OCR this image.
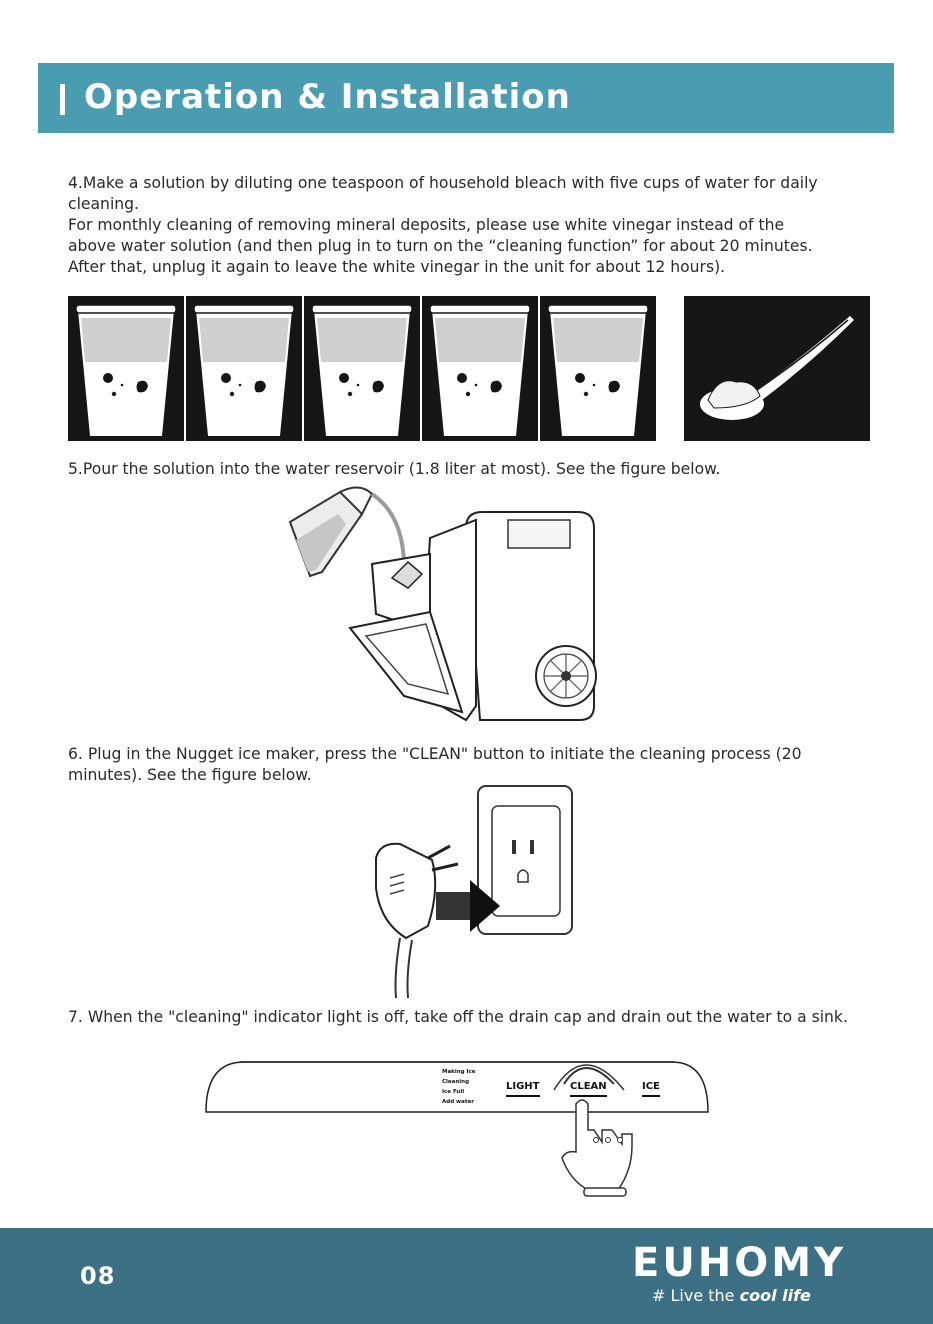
Operation & Installation

4.Make a solution by diluting one teaspoon of household bleach with five cups of water for daily

cleaning.

For monthly cleaning of removing mineral deposits, please use white vinegar instead of the

above water solution (and then plug in to turn on the “cleaning function” for about 20 minutes.

After that, unplug it again to leave the white vinegar in the unit for about 12 hours).

5.Pour the solution into the water reservoir (1.8 liter at most). See the figure below.

6. Plug in the Nugget ice maker, press the "CLEAN" button to initiate the cleaning process (20

minutes). See the figure below.

7. When the "cleaning" indicator light is off, take off the drain cap and drain out the water to a sink.

Making Ice
Cleaning
Ice Full
Add water
LIGHT	CLEAN	ICE
08	EUHOMY
# Live the cool life
